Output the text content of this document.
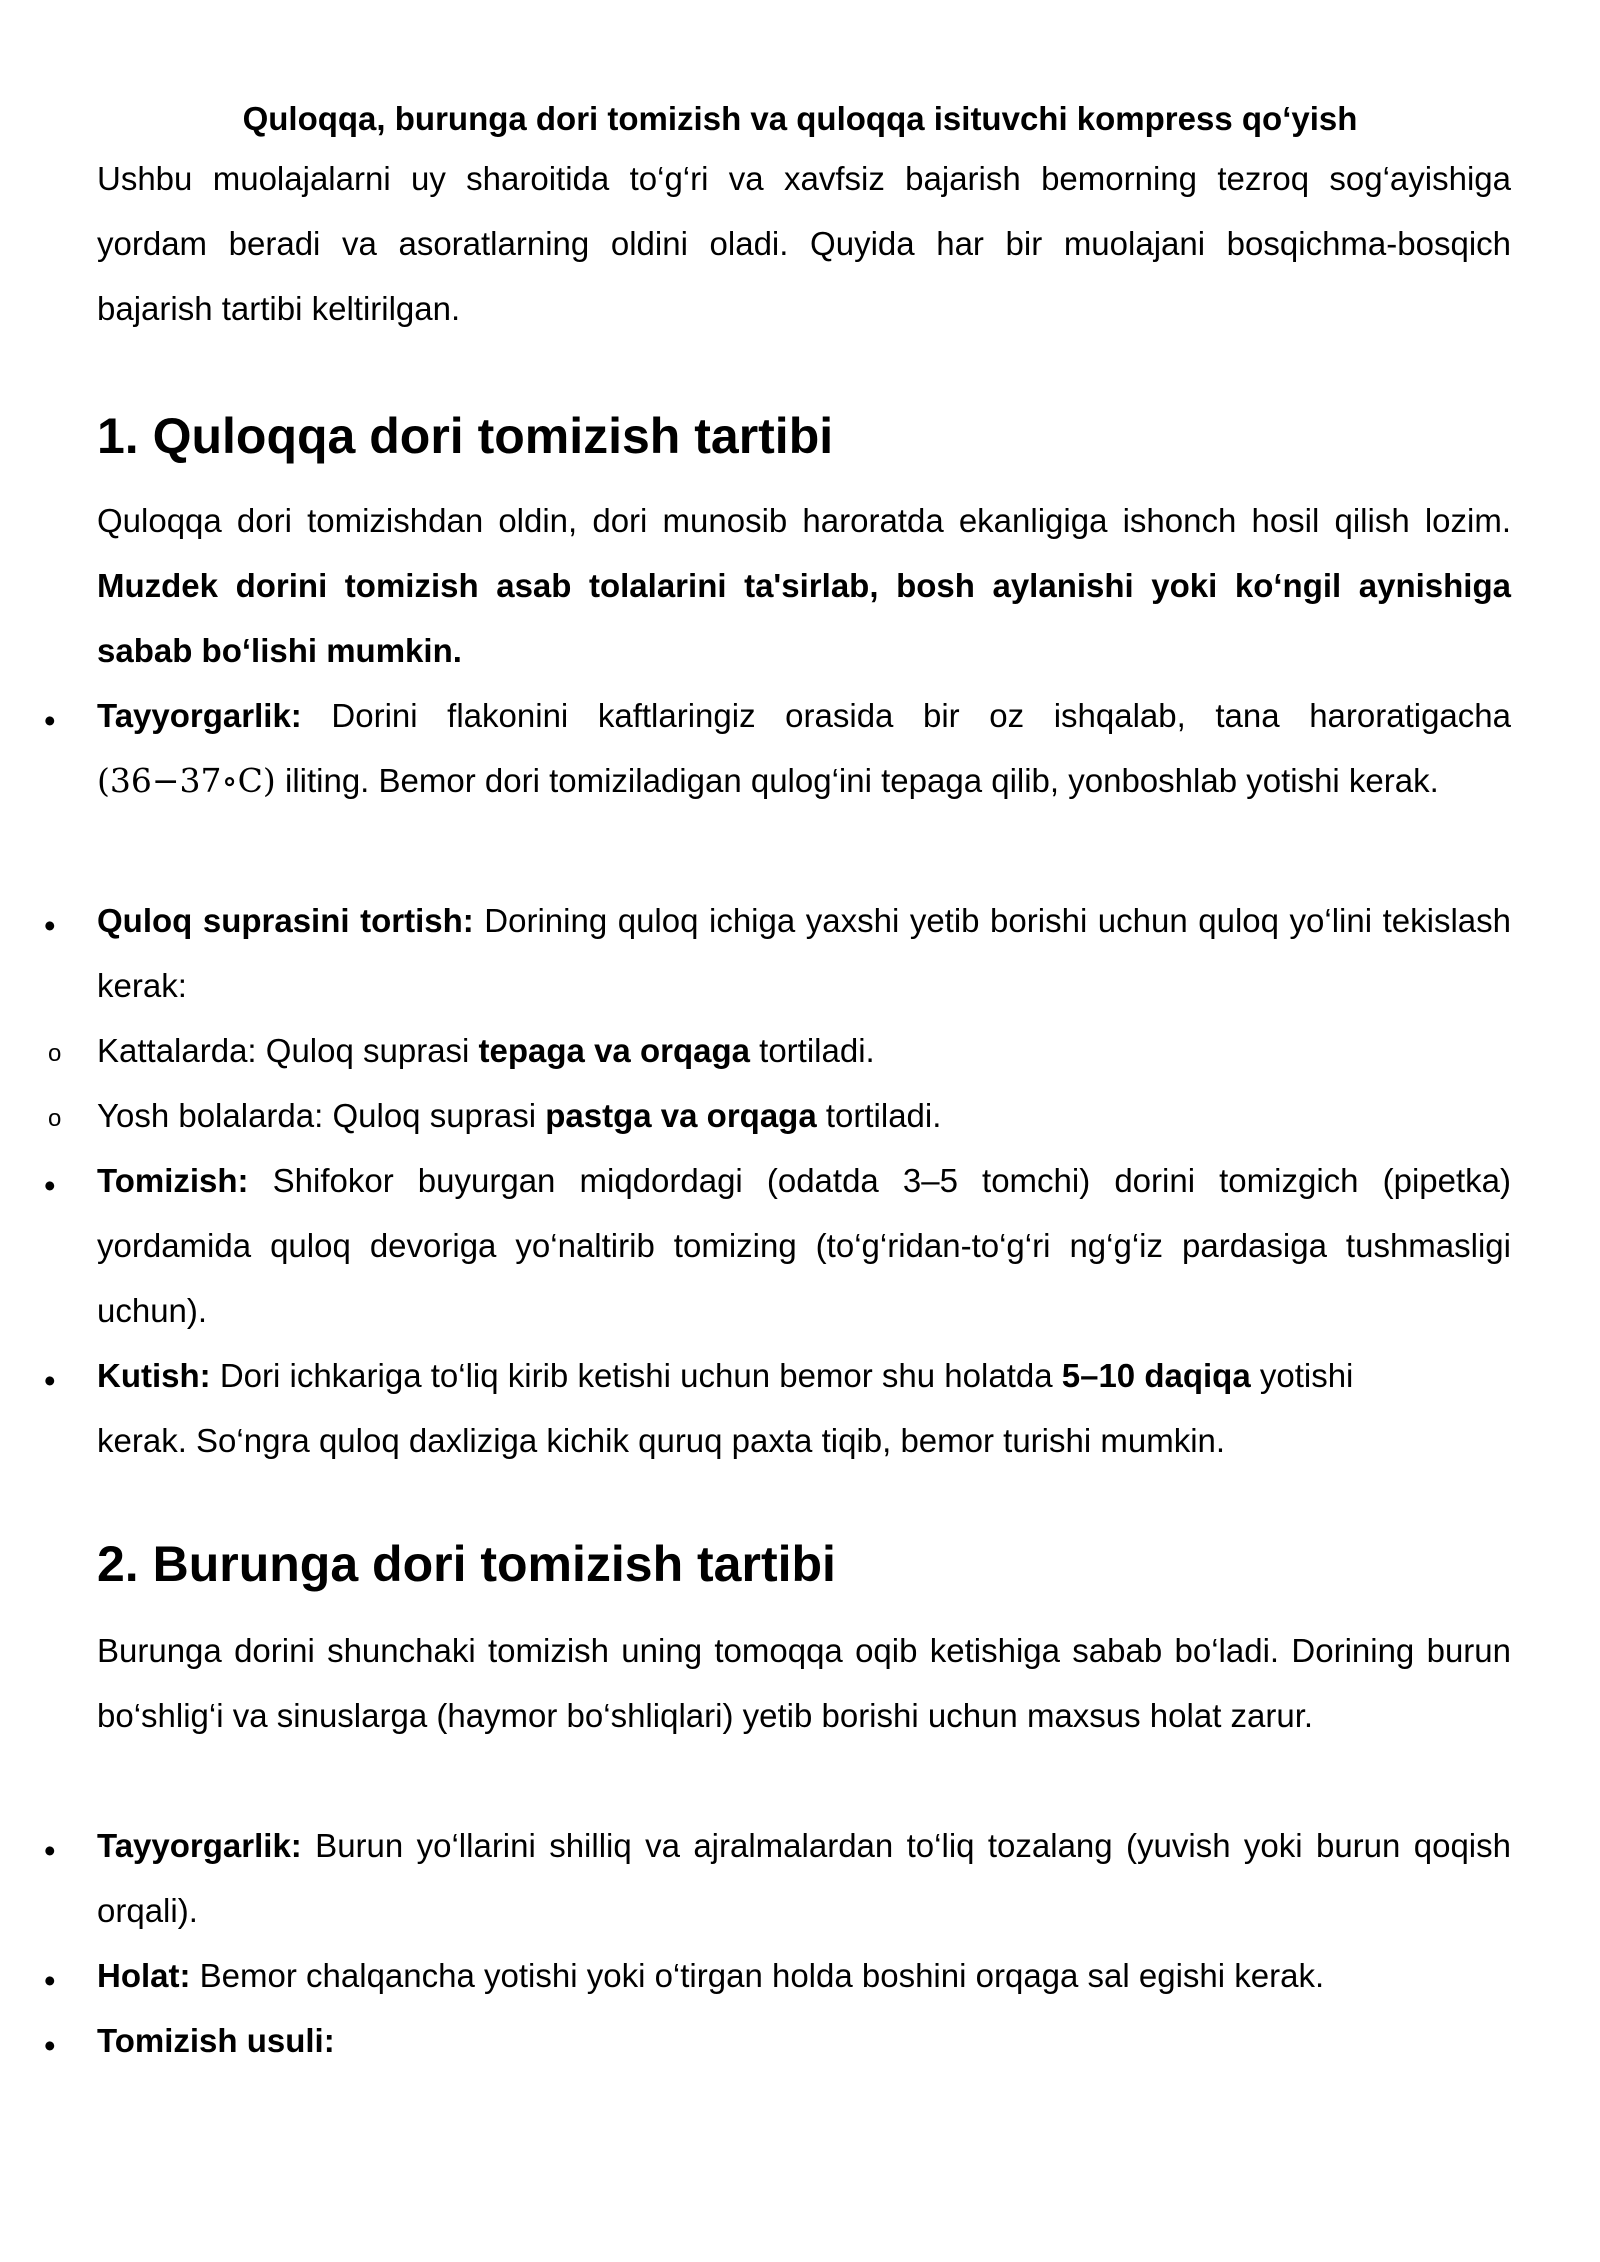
Quloqqa, burunga dori tomizish va quloqqa isituvchi kompress qo‘yish

Ushbu muolajalarni uy sharoitida to‘g‘ri va xavfsiz bajarish bemorning tezroq sog‘ayishiga yordam beradi va asoratlarning oldini oladi. Quyida har bir muolajani bosqichma-bosqich bajarish tartibi keltirilgan.

1. Quloqqa dori tomizish tartibi

Quloqqa dori tomizishdan oldin, dori munosib haroratda ekanligiga ishonch hosil qilish lozim. Muzdek dorini tomizish asab tolalarini ta'sirlab, bosh aylanishi yoki ko‘ngil aynishiga sabab bo‘lishi mumkin.

• Tayyorgarlik: Dorini flakonini kaftlaringiz orasida bir oz ishqalab, tana haroratigacha (36−37∘C) iliting. Bemor dori tomiziladigan qulog‘ini tepaga qilib, yonboshlab yotishi kerak.

• Quloq suprasini tortish: Dorining quloq ichiga yaxshi yetib borishi uchun quloq yo‘lini tekislash kerak:

o Kattalarda: Quloq suprasi tepaga va orqaga tortiladi.

o Yosh bolalarda: Quloq suprasi pastga va orqaga tortiladi.

• Tomizish: Shifokor buyurgan miqdordagi (odatda 3–5 tomchi) dorini tomizgich (pipetka) yordamida quloq devoriga yo‘naltirib tomizing (to‘g‘ridan-to‘g‘ri ng‘g‘iz pardasiga tushmasligi uchun).

• Kutish: Dori ichkariga to‘liq kirib ketishi uchun bemor shu holatda 5–10 daqiqa yotishi

kerak. So‘ngra quloq daxliziga kichik quruq paxta tiqib, bemor turishi mumkin.

2. Burunga dori tomizish tartibi

Burunga dorini shunchaki tomizish uning tomoqqa oqib ketishiga sabab bo‘ladi. Dorining burun bo‘shlig‘i va sinuslarga (haymor bo‘shliqlari) yetib borishi uchun maxsus holat zarur.

• Tayyorgarlik: Burun yo‘llarini shilliq va ajralmalardan to‘liq tozalang (yuvish yoki burun qoqish orqali).

• Holat: Bemor chalqancha yotishi yoki o‘tirgan holda boshini orqaga sal egishi kerak.

• Tomizish usuli:
